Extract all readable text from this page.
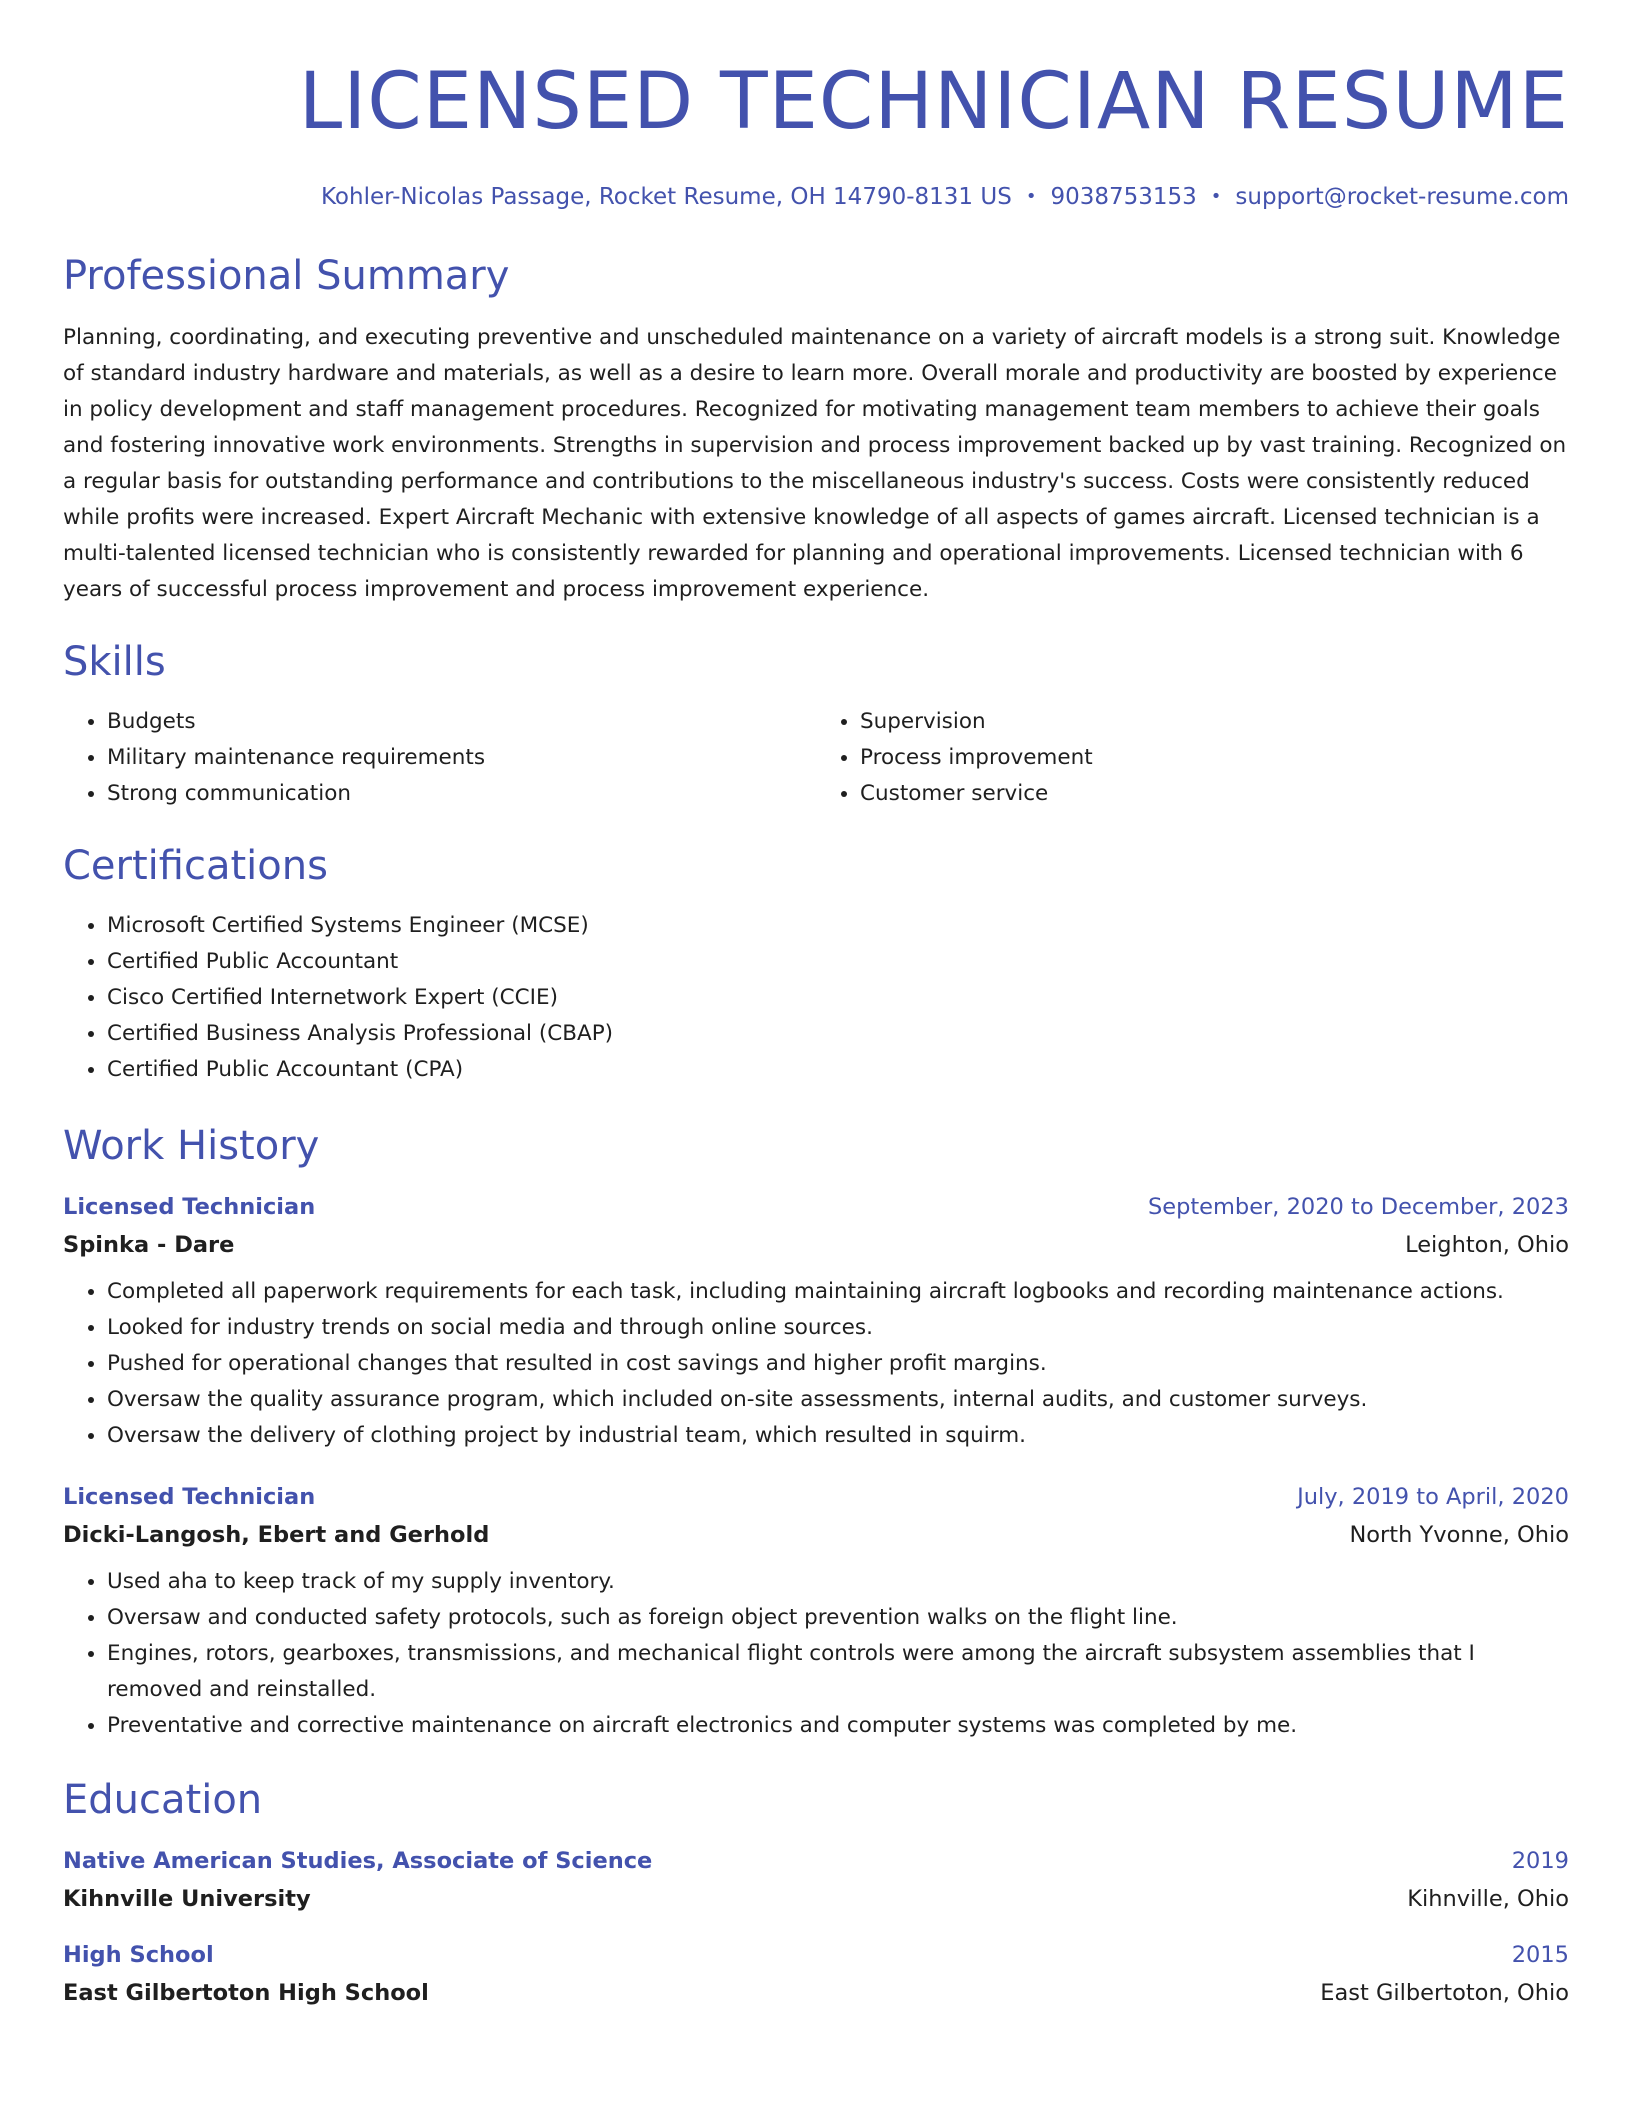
LICENSED TECHNICIAN RESUME
Kohler-Nicolas Passage, Rocket Resume, OH 14790-8131 US • 9038753153 • support@rocket-resume.com
Professional Summary

Planning, coordinating, and executing preventive and unscheduled maintenance on a variety of aircraft models is a strong suit. Knowledge of standard industry hardware and materials, as well as a desire to learn more. Overall morale and productivity are boosted by experience in policy development and staff management procedures. Recognized for motivating management team members to achieve their goals and fostering innovative work environments. Strengths in supervision and process improvement backed up by vast training. Recognized on a regular basis for outstanding performance and contributions to the miscellaneous industry's success. Costs were consistently reduced while profits were increased. Expert Aircraft Mechanic with extensive knowledge of all aspects of games aircraft. Licensed technician is a multi-talented licensed technician who is consistently rewarded for planning and operational improvements. Licensed technician with 6 years of successful process improvement and process improvement experience.

Skills
• Budgets
• Military maintenance requirements
• Strong communication
• Supervision
• Process improvement
• Customer service
Certifications
• Microsoft Certified Systems Engineer (MCSE)
• Certified Public Accountant
• Cisco Certified Internetwork Expert (CCIE)
• Certified Business Analysis Professional (CBAP)
• Certified Public Accountant (CPA)
Work History
Licensed Technician	September, 2020 to December, 2023
Spinka - Dare	Leighton, Ohio
• Completed all paperwork requirements for each task, including maintaining aircraft logbooks and recording maintenance actions.
• Looked for industry trends on social media and through online sources.
• Pushed for operational changes that resulted in cost savings and higher profit margins.
• Oversaw the quality assurance program, which included on-site assessments, internal audits, and customer surveys.
• Oversaw the delivery of clothing project by industrial team, which resulted in squirm.
Licensed Technician	July, 2019 to April, 2020
Dicki-Langosh, Ebert and Gerhold	North Yvonne, Ohio
• Used aha to keep track of my supply inventory.
• Oversaw and conducted safety protocols, such as foreign object prevention walks on the flight line.
• Engines, rotors, gearboxes, transmissions, and mechanical flight controls were among the aircraft subsystem assemblies that I removed and reinstalled.
• Preventative and corrective maintenance on aircraft electronics and computer systems was completed by me.
Education
Native American Studies, Associate of Science	2019
Kihnville University	Kihnville, Ohio
High School	2015
East Gilbertoton High School	East Gilbertoton, Ohio
